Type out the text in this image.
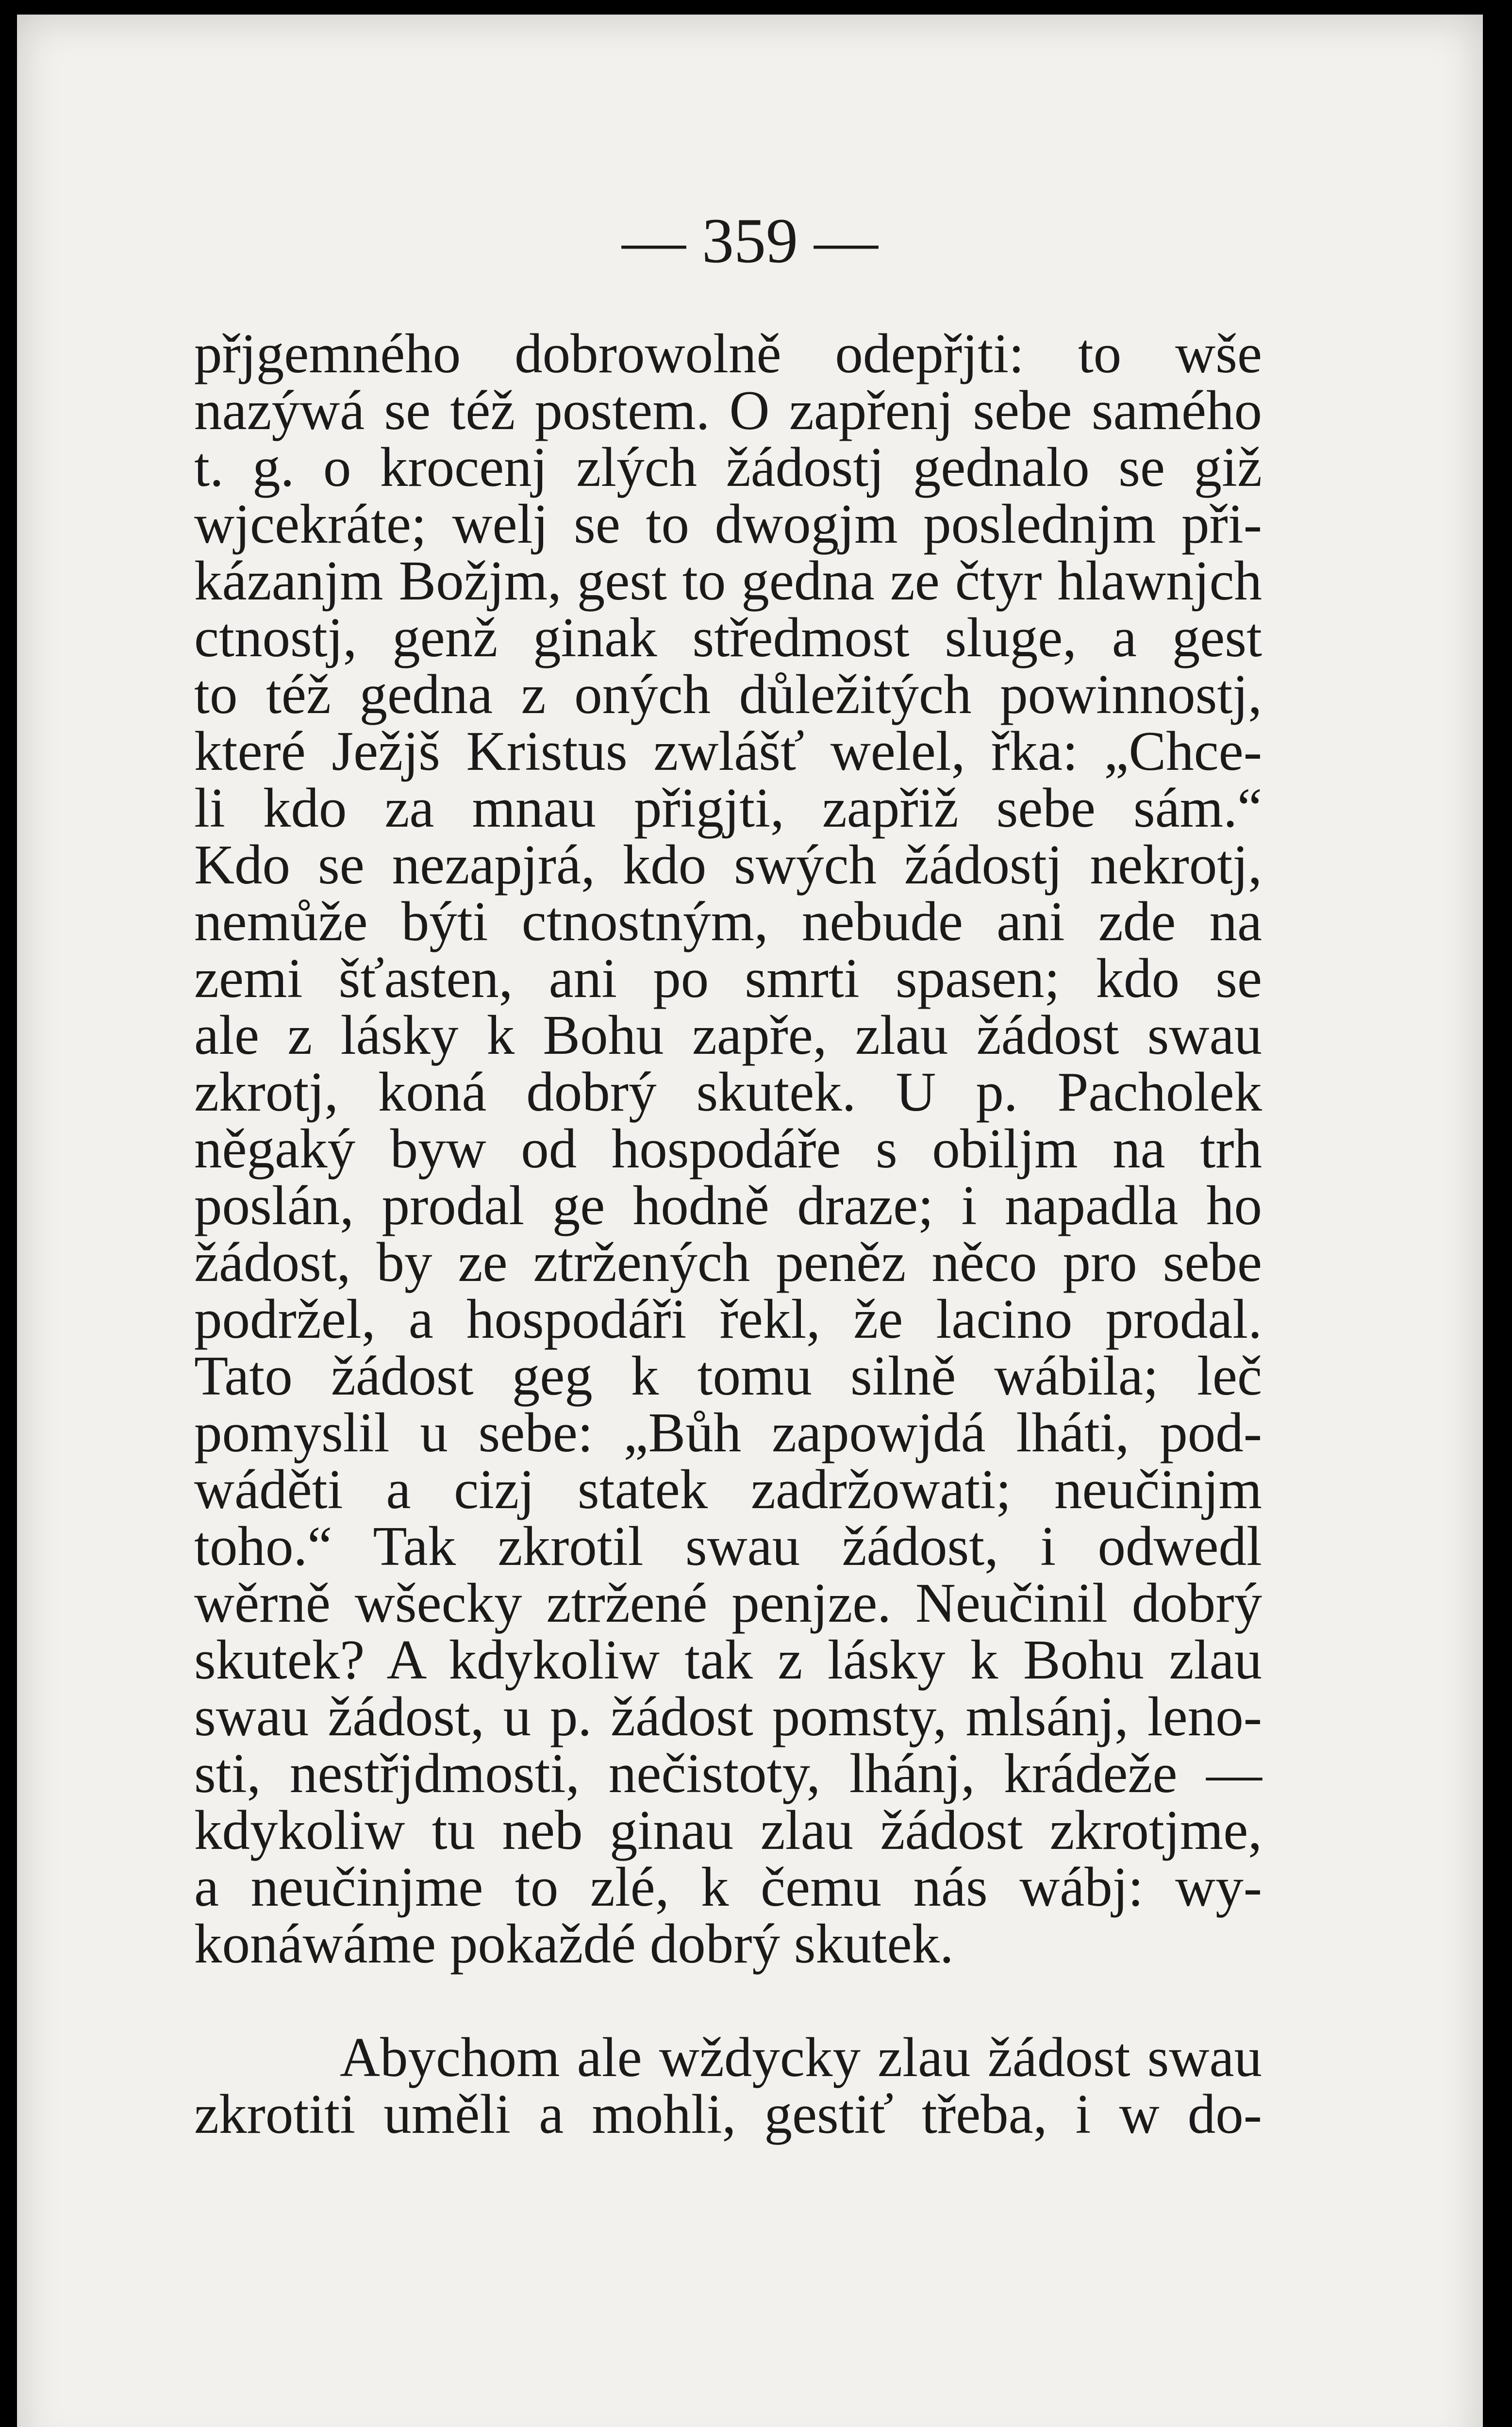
— 359 —
přjgemného dobrowolně odepřjti: to wše
nazýwá se též postem. O zapřenj sebe samého
t. g. o krocenj zlých žádostj gednalo se giž
wjcekráte; welj se to dwogjm poslednjm při-
kázanjm Božjm, gest to gedna ze čtyr hlawnjch
ctnostj, genž ginak středmost sluge, a gest
to též gedna z oných důležitých powinnostj,
které Ježjš Kristus zwlášť welel, řka: „Chce-
li kdo za mnau přigjti, zapřiž sebe sám.“
Kdo se nezapjrá, kdo swých žádostj nekrotj,
nemůže býti ctnostným, nebude ani zde na
zemi šťasten, ani po smrti spasen; kdo se
ale z lásky k Bohu zapře, zlau žádost swau
zkrotj, koná dobrý skutek. U p. Pacholek
něgaký byw od hospodáře s obiljm na trh
poslán, prodal ge hodně draze; i napadla ho
žádost, by ze ztržených peněz něco pro sebe
podržel, a hospodáři řekl, že lacino prodal.
Tato žádost geg k tomu silně wábila; leč
pomyslil u sebe: „Bůh zapowjdá lháti, pod-
wáděti a cizj statek zadržowati; neučinjm
toho.“ Tak zkrotil swau žádost, i odwedl
wěrně wšecky ztržené penjze. Neučinil dobrý
skutek? A kdykoliw tak z lásky k Bohu zlau
swau žádost, u p. žádost pomsty, mlsánj, leno-
sti, nestřjdmosti, nečistoty, lhánj, krádeže —
kdykoliw tu neb ginau zlau žádost zkrotjme,
a neučinjme to zlé, k čemu nás wábj: wy-
konáwáme pokaždé dobrý skutek.
Abychom ale wždycky zlau žádost swau
zkrotiti uměli a mohli, gestiť třeba, i w do-
